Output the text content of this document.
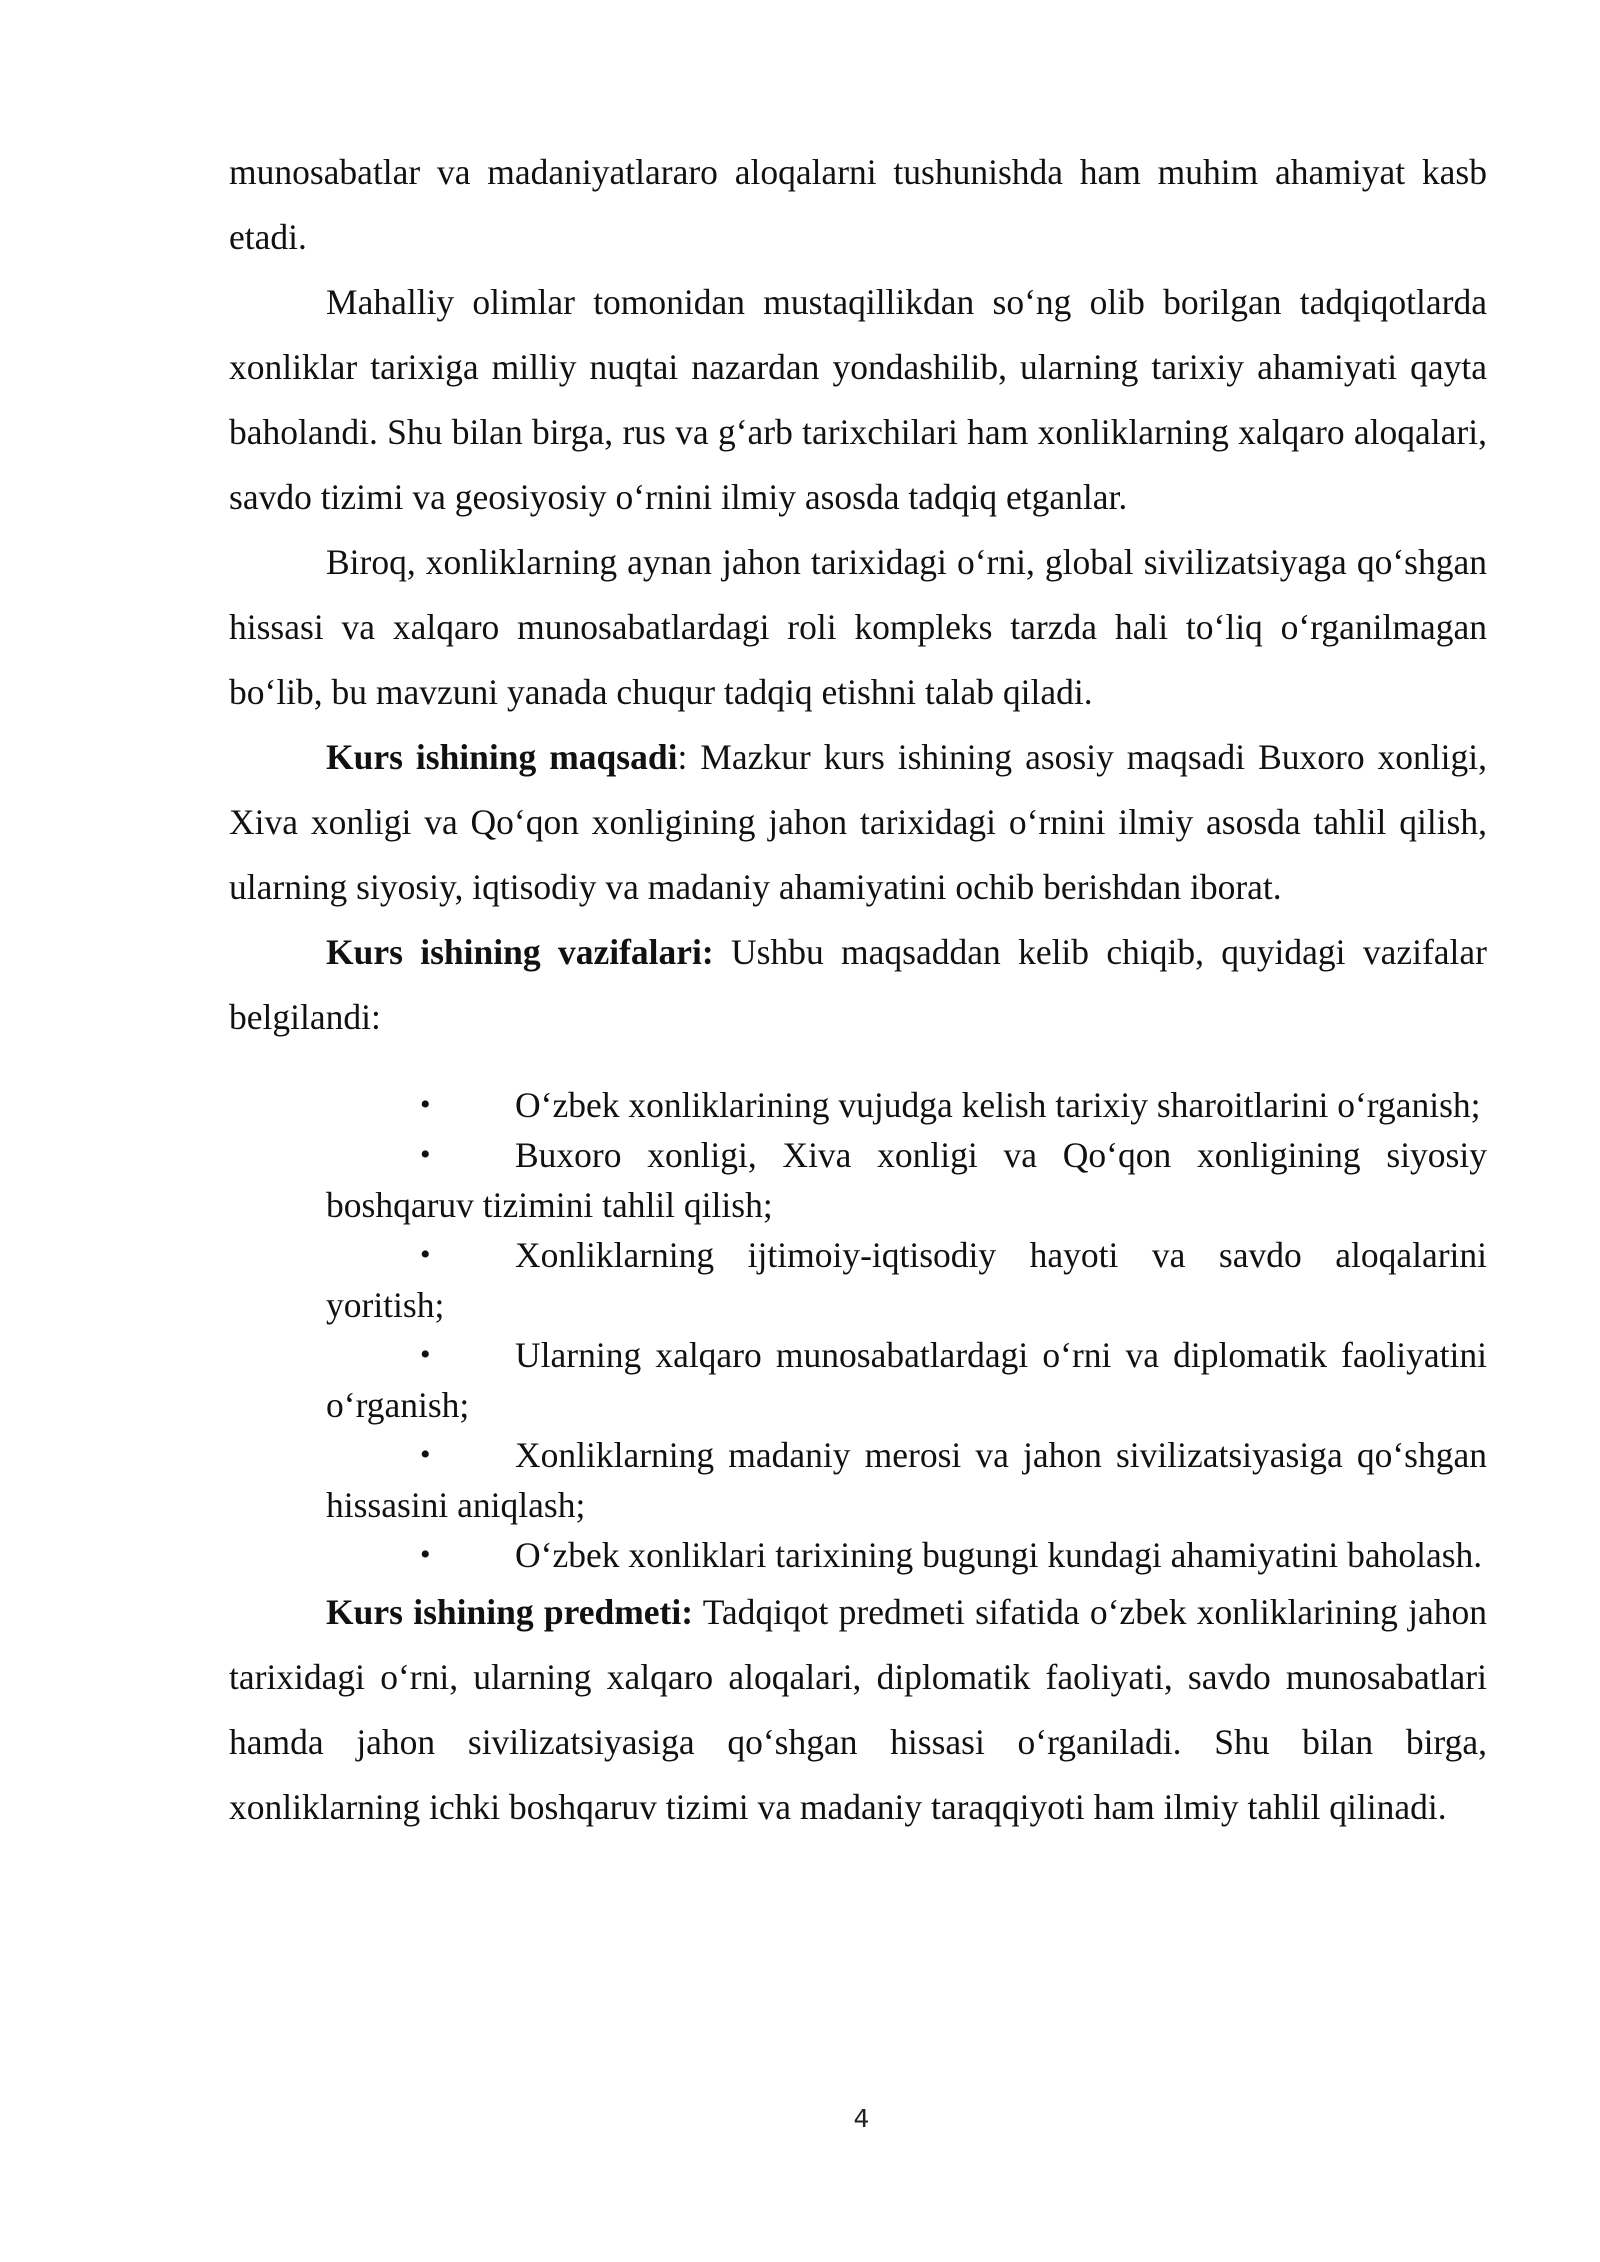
munosabatlar va madaniyatlararo aloqalarni tushunishda ham muhim ahamiyat kasb etadi.

Mahalliy olimlar tomonidan mustaqillikdan so‘ng olib borilgan tadqiqotlarda xonliklar tarixiga milliy nuqtai nazardan yondashilib, ularning tarixiy ahamiyati qayta baholandi. Shu bilan birga, rus va g‘arb tarixchilari ham xonliklarning xalqaro aloqalari, savdo tizimi va geosiyosiy o‘rnini ilmiy asosda tadqiq etganlar.

Biroq, xonliklarning aynan jahon tarixidagi o‘rni, global sivilizatsiyaga qo‘shgan hissasi va xalqaro munosabatlardagi roli kompleks tarzda hali to‘liq o‘rganilmagan bo‘lib, bu mavzuni yanada chuqur tadqiq etishni talab qiladi.

Kurs ishining maqsadi: Mazkur kurs ishining asosiy maqsadi Buxoro xonligi, Xiva xonligi va Qo‘qon xonligining jahon tarixidagi o‘rnini ilmiy asosda tahlil qilish, ularning siyosiy, iqtisodiy va madaniy ahamiyatini ochib berishdan iborat.

Kurs ishining vazifalari: Ushbu maqsaddan kelib chiqib, quyidagi vazifalar belgilandi:

• O‘zbek xonliklarining vujudga kelish tarixiy sharoitlarini o‘rganish;
• Buxoro xonligi, Xiva xonligi va Qo‘qon xonligining siyosiy boshqaruv tizimini tahlil qilish;
• Xonliklarning ijtimoiy-iqtisodiy hayoti va savdo aloqalarini yoritish;
• Ularning xalqaro munosabatlardagi o‘rni va diplomatik faoliyatini o‘rganish;
• Xonliklarning madaniy merosi va jahon sivilizatsiyasiga qo‘shgan hissasini aniqlash;
• O‘zbek xonliklari tarixining bugungi kundagi ahamiyatini baholash.

Kurs ishining predmeti: Tadqiqot predmeti sifatida o‘zbek xonliklarining jahon tarixidagi o‘rni, ularning xalqaro aloqalari, diplomatik faoliyati, savdo munosabatlari hamda jahon sivilizatsiyasiga qo‘shgan hissasi o‘rganiladi. Shu bilan birga, xonliklarning ichki boshqaruv tizimi va madaniy taraqqiyoti ham ilmiy tahlil qilinadi.

4
